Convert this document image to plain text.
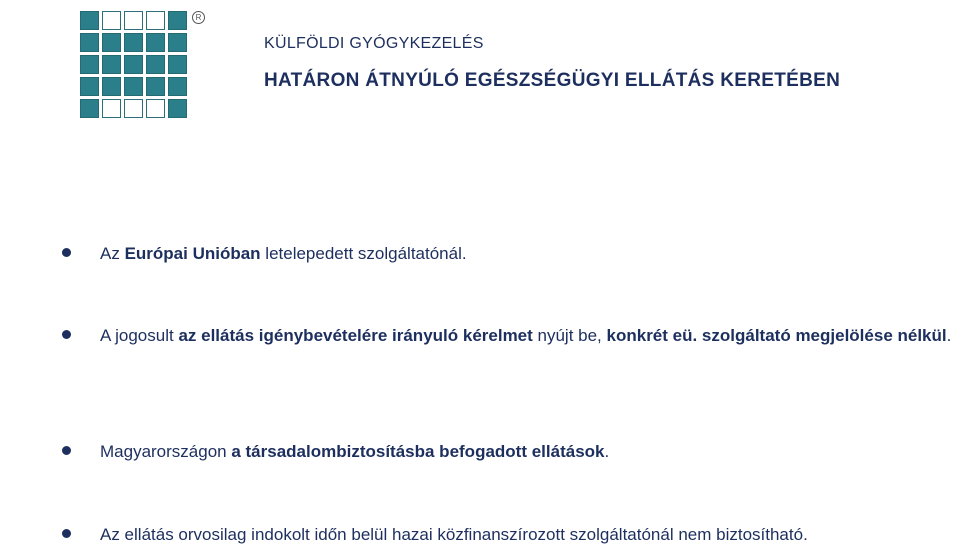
R
KÜLFÖLDI GYÓGYKEZELÉS
HATÁRON ÁTNYÚLÓ EGÉSZSÉGÜGYI ELLÁTÁS KERETÉBEN
Az Európai Unióban letelepedett szolgáltatónál.
A jogosult az ellátás igénybevételére irányuló kérelmet nyújt be, konkrét eü. szolgáltató megjelölése nélkül.
Magyarországon a társadalombiztosításba befogadott ellátások.
Az ellátás orvosilag indokolt időn belül hazai közfinanszírozott szolgáltatónál nem biztosítható.
